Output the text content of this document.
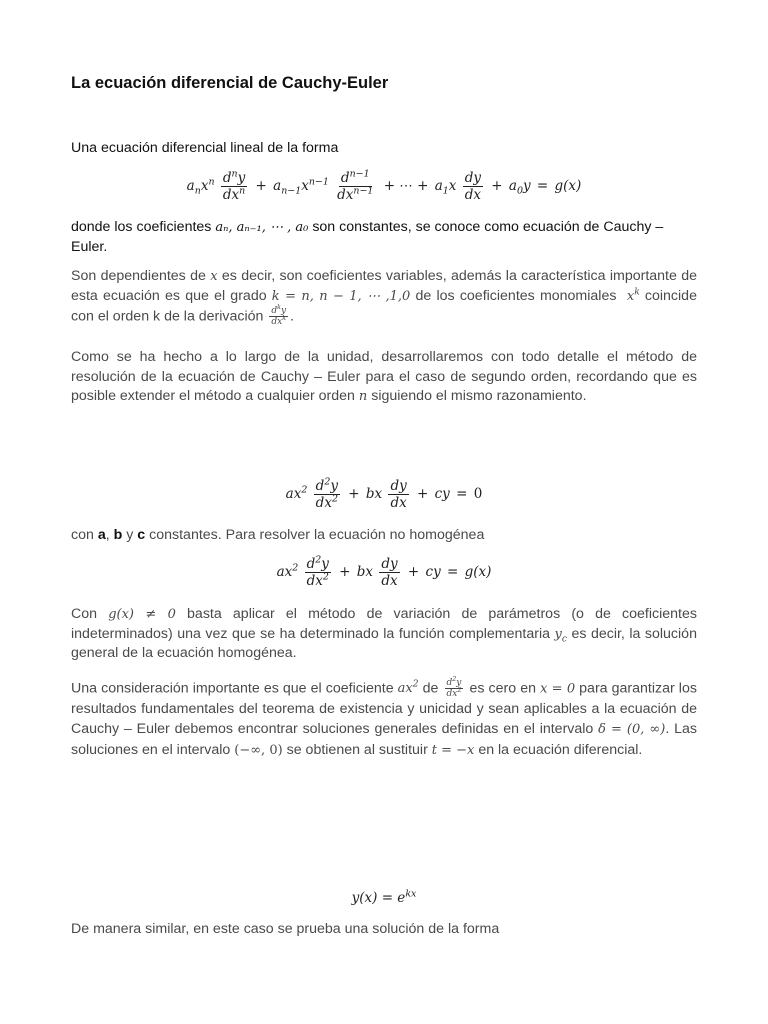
La ecuación diferencial de Cauchy-Euler

Una ecuación diferencial lineal de la forma

$a_nx^n \frac{d^ny}{dx^n} + a_{n-1}x^{n-1} \frac{d^{n-1}}{dx^{n-1}}$ + ⋯ + $a_1x \frac{dy}{dx} + a_0y = g(x)$

donde los coeficientes aₙ, aₙ₋₁, ⋯ , a₀ son constantes, se conoce como ecuación de Cauchy – Euler.

Son dependientes de x es decir, son coeficientes variables, además la característica importante de esta ecuación es que el grado k = n, n − 1, ⋯ ,1,0 de los coeficientes monomiales $x^k$ coincide con el orden k de la derivación $\frac{d^ky}{dx^k}$ .

Como se ha hecho a lo largo de la unidad, desarrollaremos con todo detalle el método de resolución de la ecuación de Cauchy – Euler para el caso de segundo orden, recordando que es posible extender el método a cualquier orden n siguiendo el mismo razonamiento.

$ax^2 \frac{d^2y}{dx^2}$ + bx $\frac{dy}{dx}$ + cy = 0

con a, b y c constantes. Para resolver la ecuación no homogénea

$ax^2 \frac{d^2y}{dx^2}$ + bx $\frac{dy}{dx}$ + cy = g(x)

Con g(x) ≠ 0 basta aplicar el método de variación de parámetros (o de coeficientes indeterminados) una vez que se ha determinado la función complementaria $y_c$ es decir, la solución general de la ecuación homogénea.

Una consideración importante es que el coeficiente $ax^2$ de $\frac{d^2y}{dx^2}$ es cero en x = 0 para garantizar los resultados fundamentales del teorema de existencia y unicidad y sean aplicables a la ecuación de Cauchy – Euler debemos encontrar soluciones generales definidas en el intervalo δ = (0, ∞). Las soluciones en el intervalo (−∞, 0) se obtienen al sustituir t = −x en la ecuación diferencial.

$y(x) = e^{kx}$

De manera similar, en este caso se prueba una solución de la forma
